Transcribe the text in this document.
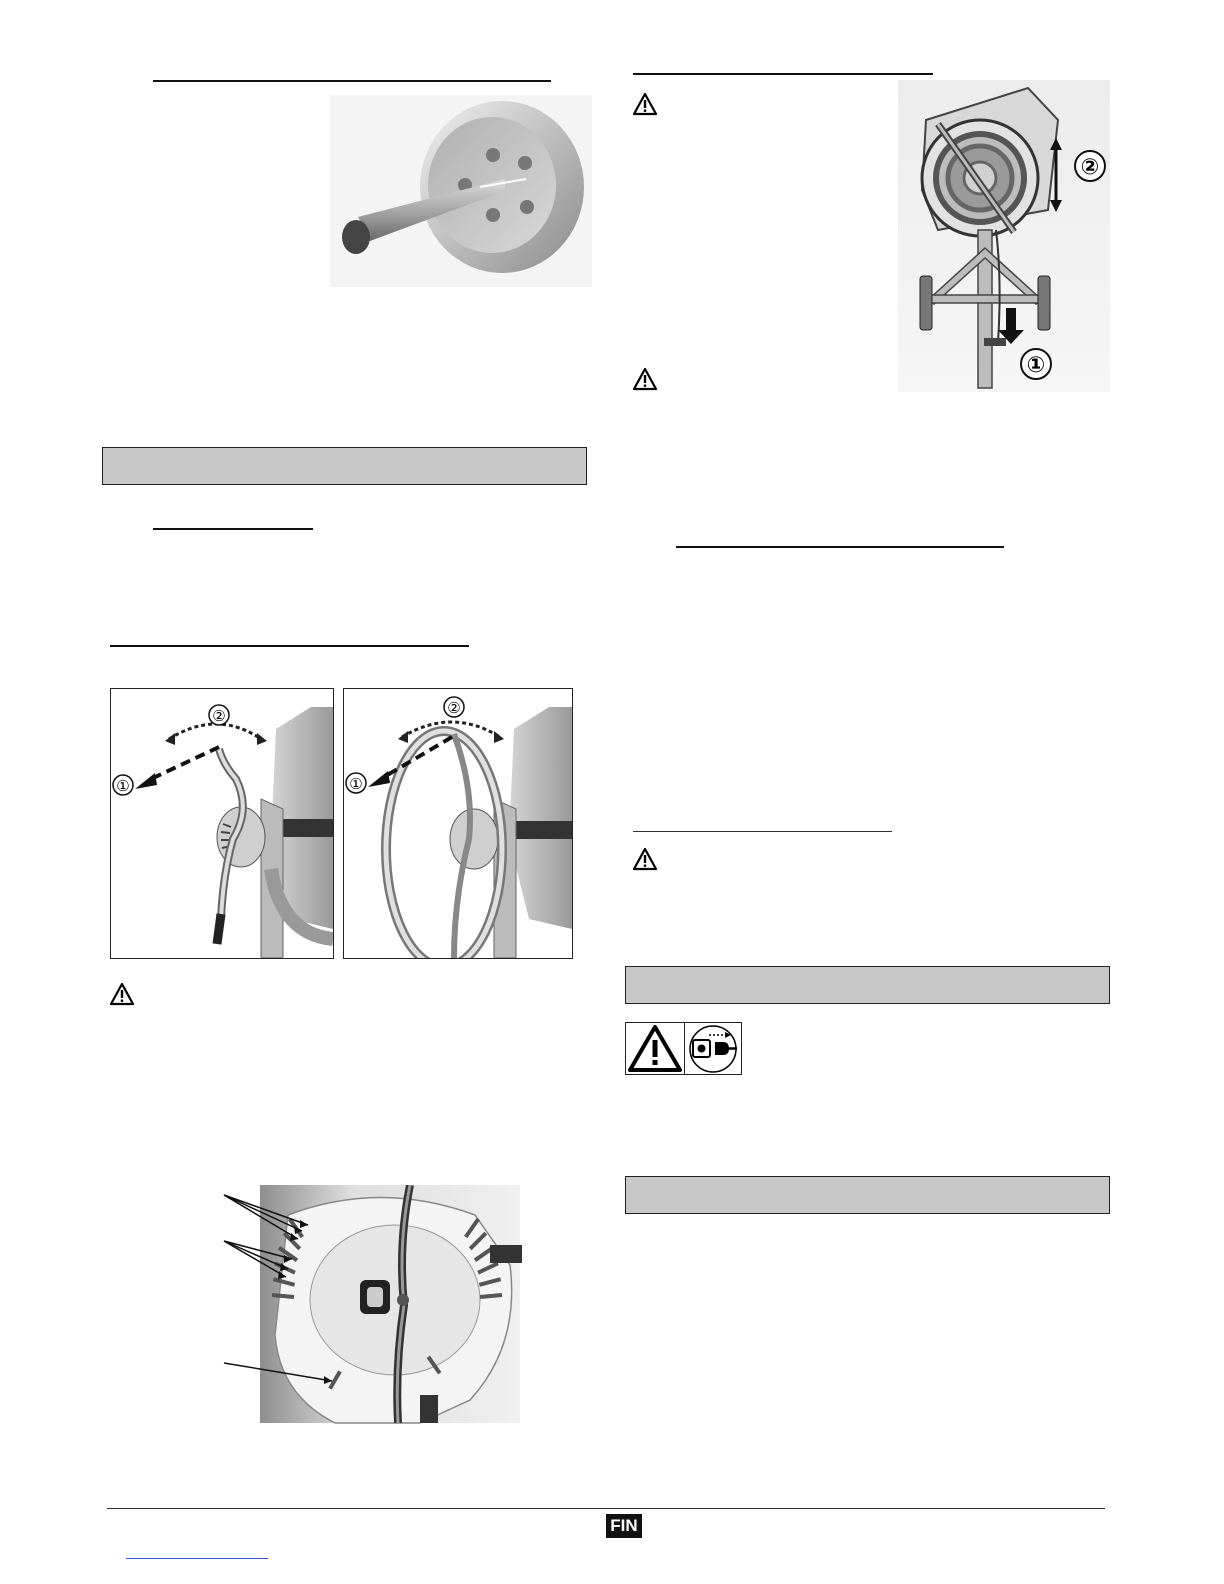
②
①
②
①
②
①
FIN
